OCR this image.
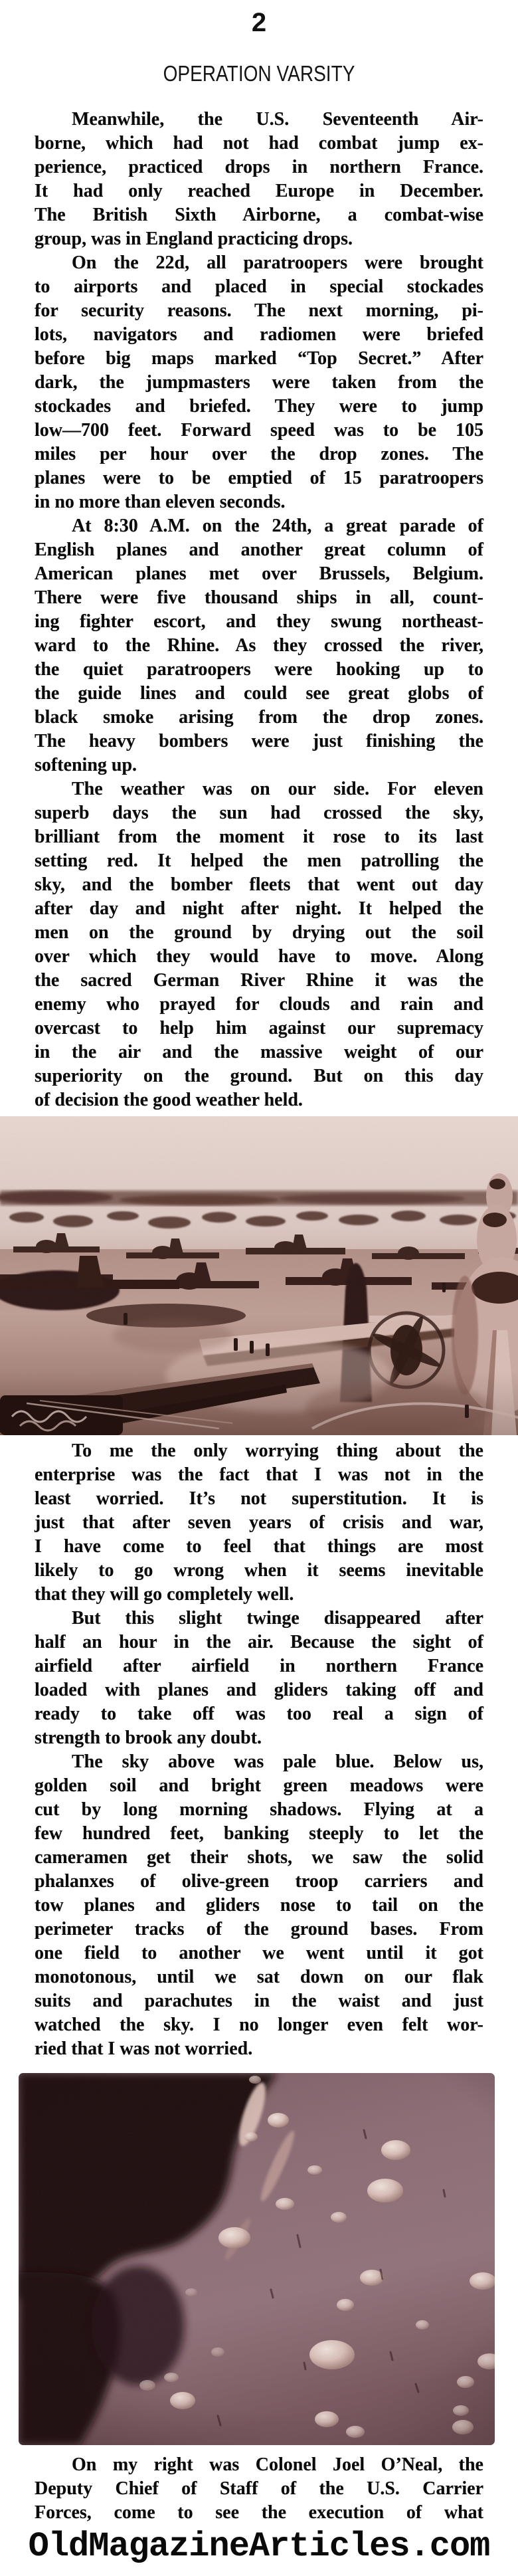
2
OPERATION VARSITY
Meanwhile, the U.S. Seventeenth Air-
borne, which had not had combat jump ex-
perience, practiced drops in northern France.
It had only reached Europe in December.
The British Sixth Airborne, a combat-wise
group, was in England practicing drops.
On the 22d, all paratroopers were brought
to airports and placed in special stockades
for security reasons. The next morning, pi-
lots, navigators and radiomen were briefed
before big maps marked “Top Secret.” After
dark, the jumpmasters were taken from the
stockades and briefed. They were to jump
low—700 feet. Forward speed was to be 105
miles per hour over the drop zones. The
planes were to be emptied of 15 paratroopers
in no more than eleven seconds.
At 8:30 A.M. on the 24th, a great parade of
English planes and another great column of
American planes met over Brussels, Belgium.
There were five thousand ships in all, count-
ing fighter escort, and they swung northeast-
ward to the Rhine. As they crossed the river,
the quiet paratroopers were hooking up to
the guide lines and could see great globs of
black smoke arising from the drop zones.
The heavy bombers were just finishing the
softening up.
The weather was on our side. For eleven
superb days the sun had crossed the sky,
brilliant from the moment it rose to its last
setting red. It helped the men patrolling the
sky, and the bomber fleets that went out day
after day and night after night. It helped the
men on the ground by drying out the soil
over which they would have to move. Along
the sacred German River Rhine it was the
enemy who prayed for clouds and rain and
overcast to help him against our supremacy
in the air and the massive weight of our
superiority on the ground. But on this day
of decision the good weather held.
To me the only worrying thing about the
enterprise was the fact that I was not in the
least worried. It’s not superstitution. It is
just that after seven years of crisis and war,
I have come to feel that things are most
likely to go wrong when it seems inevitable
that they will go completely well.
But this slight twinge disappeared after
half an hour in the air. Because the sight of
airfield after airfield in northern France
loaded with planes and gliders taking off and
ready to take off was too real a sign of
strength to brook any doubt.
The sky above was pale blue. Below us,
golden soil and bright green meadows were
cut by long morning shadows. Flying at a
few hundred feet, banking steeply to let the
cameramen get their shots, we saw the solid
phalanxes of olive-green troop carriers and
tow planes and gliders nose to tail on the
perimeter tracks of the ground bases. From
one field to another we went until it got
monotonous, until we sat down on our flak
suits and parachutes in the waist and just
watched the sky. I no longer even felt wor-
ried that I was not worried.
On my right was Colonel Joel O’Neal, the
Deputy Chief of Staff of the U.S. Carrier
Forces, come to see the execution of what
OldMagazineArticles.com
